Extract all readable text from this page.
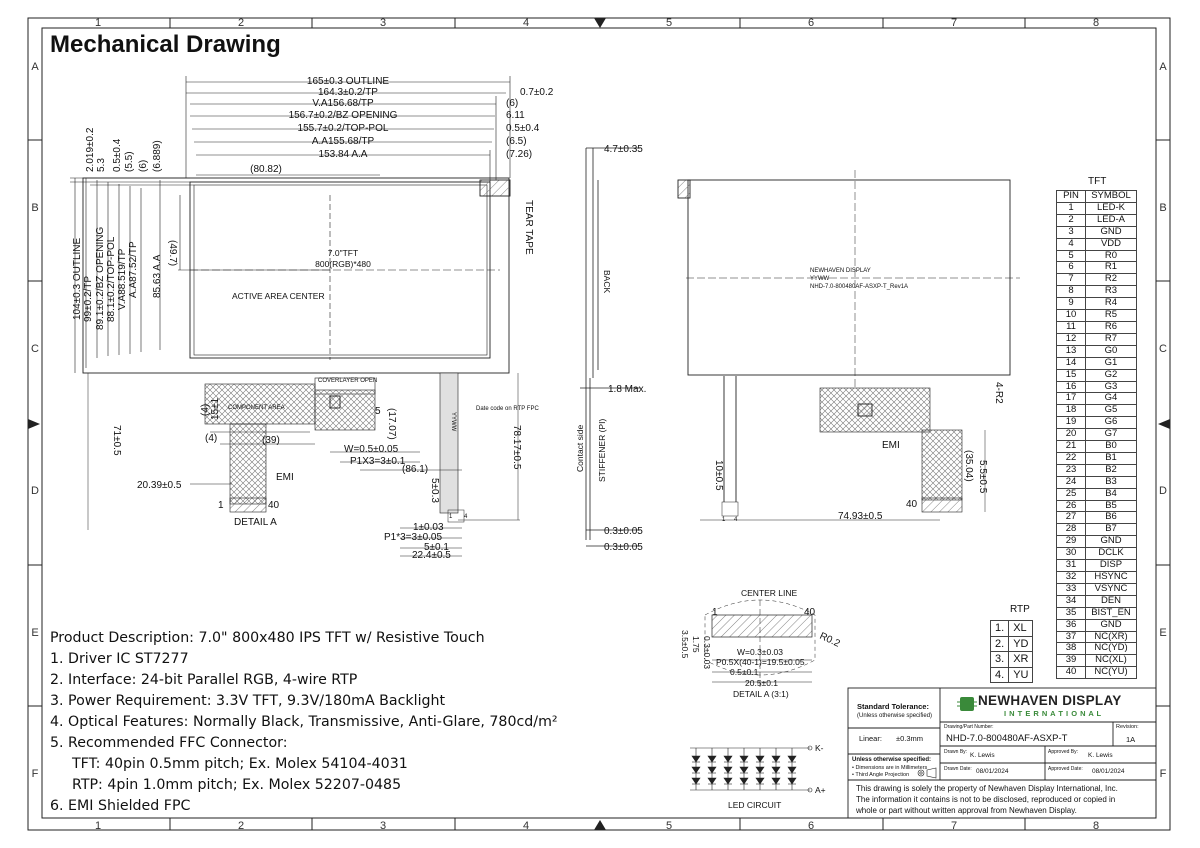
1	2	3	4	5	6	7	8
1	2	3	4	5	6	7	8
A
B
C
D
E
F
A
B
C
D
E
F
165±0.3 OUTLINE
164.3±0.2/TP
V.A156.68/TP
156.7±0.2/BZ OPENING
155.7±0.2/TOP-POL
A.A155.68/TP
153.84 A.A
0.7±0.2
(6)
6.11
0.5±0.4
(6.5)
(7.26)
2.019±0.2 5.3 0.5±0.4 (5.5) (6) (6.889)
104±0.3 OUTLINE 99±0.2/TP 89.1±0.2/BZ OPENING 88.1±0.2/TOP-POL V.A88.519/TP A.A87.52/TP 85.63 A.A
(80.82)
(49.7)	7.0"TFT
800(RGB)*480
ACTIVE AREA CENTER
TEAR TAPE
COMPONENT AREA
COVERLAYER OPEN
YYWW
Date code on RTP FPC
15±1
(4)
(4)	(39)
5 (17.07)
W=0.5±0.05
P1X3=3±0.1
EMI
(86.1)
71±0.5	78.17±0.5
20.39±0.5	5±0.3
1±0.03
P1*3=3±0.05
5±0.1
22.4±0.5
1	40
1 4
DETAIL A
4.7±0.35
1.8 Max.
0.3±0.05
0.3±0.05
BACK
Contact side STIFFENER (PI)
NEWHAVEN DISPLAY
YYWW
NHD-7.0-800480AF-ASXP-T_Rev1A
4-R2
EMI
(35.04) 5.5±0.5
10±0.5
74.93±0.5
40
1 4
CENTER LINE
1	40
R0.2
0.3±0.03
1.75
3.5±0.5	W=0.3±0.03
P0.5X(40-1)=19.5±0.05
0.5±0.1
20.5±0.1
DETAIL A (3:1)
K-
A+
LED CIRCUIT
Mechanical Drawing
Product Description: 7.0" 800x480 IPS TFT w/ Resistive Touch
1. Driver IC ST7277
2. Interface: 24-bit Parallel RGB, 4-wire RTP
3. Power Requirement: 3.3V TFT, 9.3V/180mA Backlight
4. Optical Features: Normally Black, Transmissive, Anti-Glare, 780cd/m²
5. Recommended FFC Connector:
TFT: 40pin 0.5mm pitch; Ex. Molex 54104-4031
RTP: 4pin 1.0mm pitch; Ex. Molex 52207-0485
6. EMI Shielded FPC
TFT
PIN	SYMBOL
1	LED-K
2	LED-A
3	GND
4	VDD
5	R0
6	R1
7	R2
8	R3
9	R4
10	R5
11	R6
12	R7
13	G0
14	G1
15	G2
16	G3
17	G4
18	G5
19	G6
20	G7
21	B0
22	B1
23	B2
24	B3
25	B4
26	B5
27	B6
28	B7
29	GND
30	DCLK
31	DISP
32	HSYNC
33	VSYNC
34	DEN
35	BIST_EN
36	GND
37	NC(XR)
38	NC(YD)
39	NC(XL)
40	NC(YU)
RTP
1.	XL
2.	YD
3.	XR
4.	YU
Standard Tolerance:
(Unless otherwise specified)
Linear: ±0.3mm
Unless otherwise specified:
• Dimensions are in Millimeters
• Third Angle Projection
NEWHAVEN DISPLAY
I N T E R N A T I O N A L
Drawing/Part Number:
NHD-7.0-800480AF-ASXP-T
Revision:
1A
Drawn By: K. Lewis	Approved By: K. Lewis
Drawn Date: 08/01/2024	Approved Date: 08/01/2024
This drawing is solely the property of Newhaven Display International, Inc.
The information it contains is not to be disclosed, reproduced or copied in
whole or part without written approval from Newhaven Display.
